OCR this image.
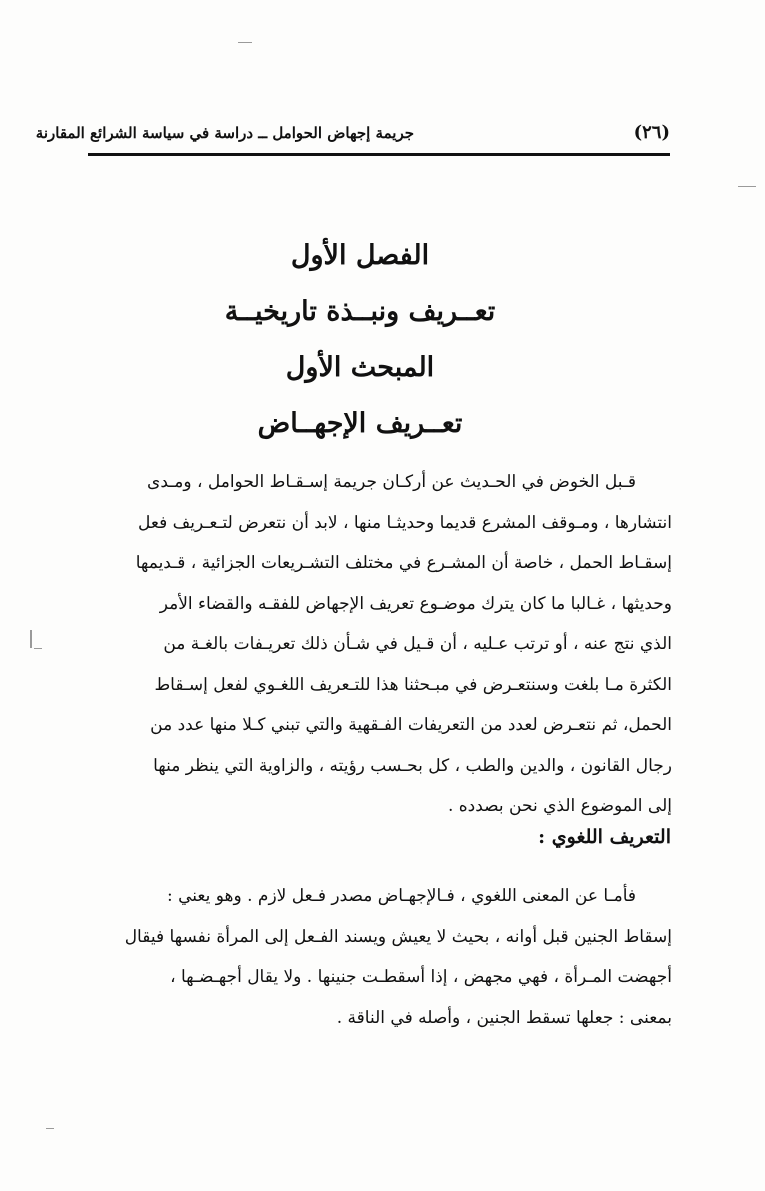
جريمة إجهاض الحوامل ــ دراسة في سياسة الشرائع المقارنة	(٢٦)
الفصل الأول
تعــريف ونبــذة تاريخيــة
المبحث الأول
تعــريف الإجهــاض
قـبل الخوض في الحـديث عن أركـان جريمة إسـقـاط الحوامل ، ومـدى
انتشارها ، ومـوقف المشرع قديما وحديثـا منها ، لابد أن نتعرض لتـعـريف فعل
إسقـاط الحمل ، خاصة أن المشـرع في مختلف التشـريعات الجزائية ، قـديمها
وحديثها ، غـالبا ما كان يترك موضـوع تعريف الإجهاض للفقـه والقضاء الأمر
الذي نتج عنه ، أو ترتب عـليه ، أن قـيل في شـأن ذلك تعريـفات بالغـة من
الكثرة مـا بلغت وسنتعـرض في مبـحثنا هذا للتـعريف اللغـوي لفعل إسـقاط
الحمل، ثم نتعـرض لعدد من التعريفات الفـقهية والتي تبني كـلا منها عدد من
رجال القانون ، والدين والطب ، كل بحـسب رؤيته ، والزاوية التي ينظر منها
إلى الموضوع الذي نحن بصدده .
التعريف اللغوي :
فأمـا عن المعنى اللغوي ، فـالإجهـاض مصدر فـعل لازم . وهو يعني :
إسقاط الجنين قبل أوانه ، بحيث لا يعيش ويسند الفـعل إلى المرأة نفسها فيقال
أجهضت المـرأة ، فهي مجهض ، إذا أسقطـت جنينها . ولا يقال أجهـضـها ،
بمعنى : جعلها تسقط الجنين ، وأصله في الناقة .
